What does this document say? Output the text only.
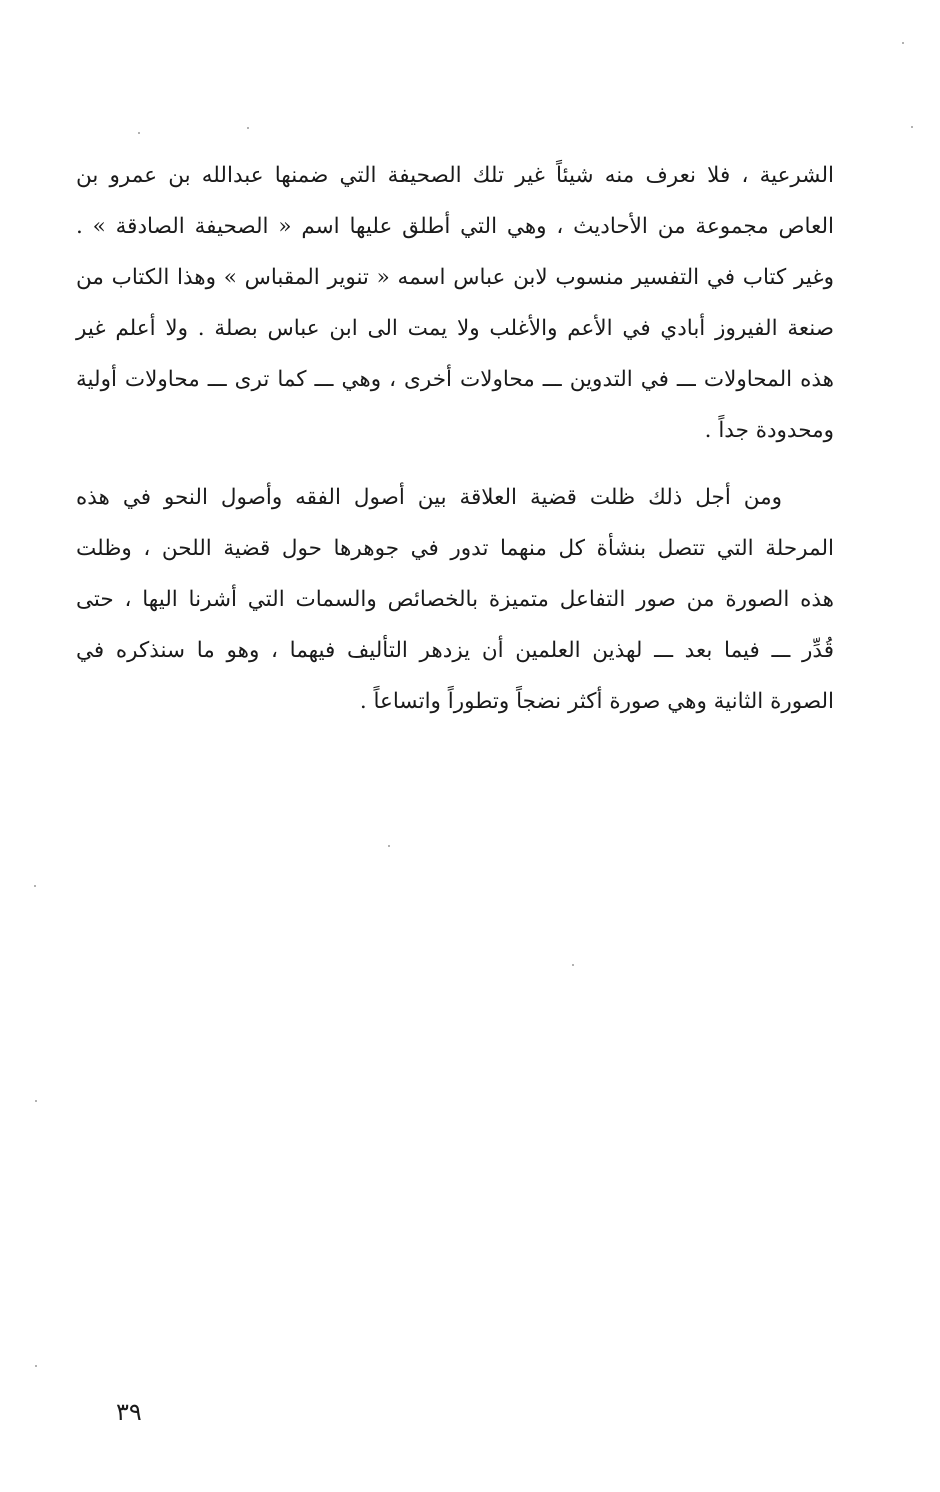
الشرعية ، فلا نعرف منه شيئاً غير تلك الصحيفة التي ضمنها عبدالله بن عمرو بن
العاص مجموعة من الأحاديث ، وهي التي أطلق عليها اسم « الصحيفة الصادقة » .
وغير كتاب في التفسير منسوب لابن عباس اسمه « تنوير المقباس » وهذا الكتاب من
صنعة الفيروز أبادي في الأعم والأغلب ولا يمت الى ابن عباس بصلة . ولا أعلم غير
هذه المحاولات ـــ في التدوين ـــ محاولات أخرى ، وهي ـــ كما ترى ـــ محاولات أولية
ومحدودة جداً .
ومن أجل ذلك ظلت قضية العلاقة بين أصول الفقه وأصول النحو في هذه
المرحلة التي تتصل بنشأة كل منهما تدور في جوهرها حول قضية اللحن ، وظلت
هذه الصورة من صور التفاعل متميزة بالخصائص والسمات التي أشرنا اليها ، حتى
قُدِّر ـــ فيما بعد ـــ لهذين العلمين أن يزدهر التأليف فيهما ، وهو ما سنذكره في
الصورة الثانية وهي صورة أكثر نضجاً وتطوراً واتساعاً .
٣٩
